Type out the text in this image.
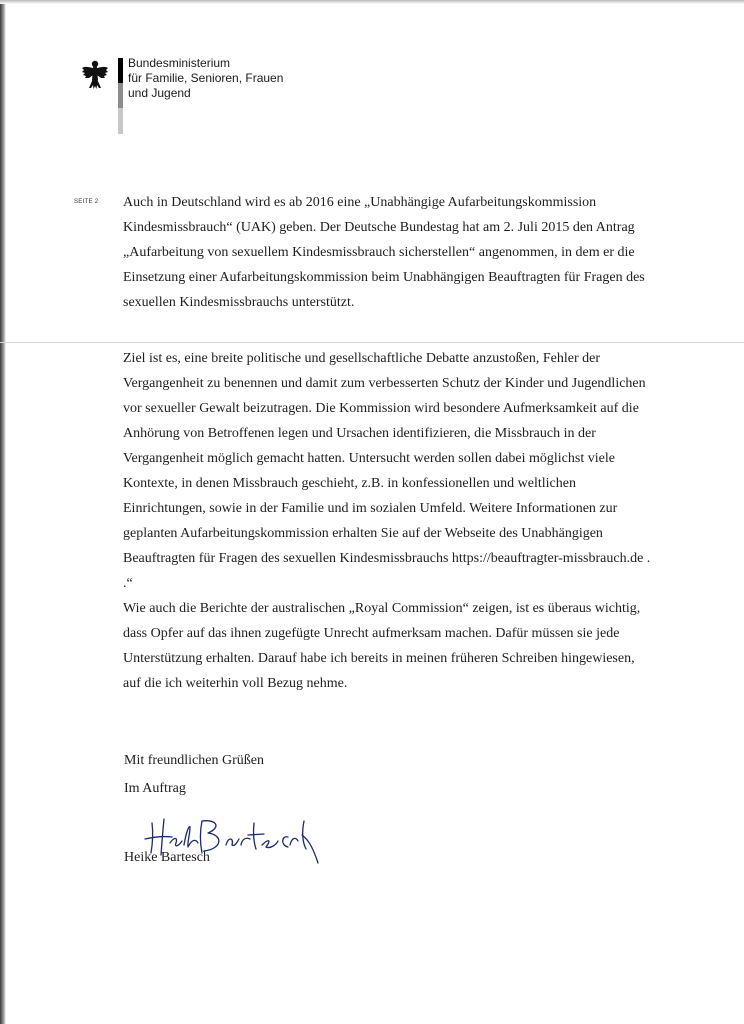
Bundesministerium
für Familie, Senioren, Frauen
und Jugend
SEITE 2 Auch in Deutschland wird es ab 2016 eine „Unabhängige Aufarbeitungskommission
Kindesmissbrauch“ (UAK) geben. Der Deutsche Bundestag hat am 2. Juli 2015 den Antrag
„Aufarbeitung von sexuellem Kindesmissbrauch sicherstellen“ angenommen, in dem er die
Einsetzung einer Aufarbeitungskommission beim Unabhängigen Beauftragten für Fragen des
sexuellen Kindesmissbrauchs unterstützt.
Ziel ist es, eine breite politische und gesellschaftliche Debatte anzustoßen, Fehler der
Vergangenheit zu benennen und damit zum verbesserten Schutz der Kinder und Jugendlichen
vor sexueller Gewalt beizutragen. Die Kommission wird besondere Aufmerksamkeit auf die
Anhörung von Betroffenen legen und Ursachen identifizieren, die Missbrauch in der
Vergangenheit möglich gemacht hatten. Untersucht werden sollen dabei möglichst viele
Kontexte, in denen Missbrauch geschieht, z.B. in konfessionellen und weltlichen
Einrichtungen, sowie in der Familie und im sozialen Umfeld. Weitere Informationen zur
geplanten Aufarbeitungskommission erhalten Sie auf der Webseite des Unabhängigen
Beauftragten für Fragen des sexuellen Kindesmissbrauchs https://beauftragter-missbrauch.de .
.“
Wie auch die Berichte der australischen „Royal Commission“ zeigen, ist es überaus wichtig,
dass Opfer auf das ihnen zugefügte Unrecht aufmerksam machen. Dafür müssen sie jede
Unterstützung erhalten. Darauf habe ich bereits in meinen früheren Schreiben hingewiesen,
auf die ich weiterhin voll Bezug nehme.
Mit freundlichen Grüßen
Im Auftrag
Heike Bartesch
